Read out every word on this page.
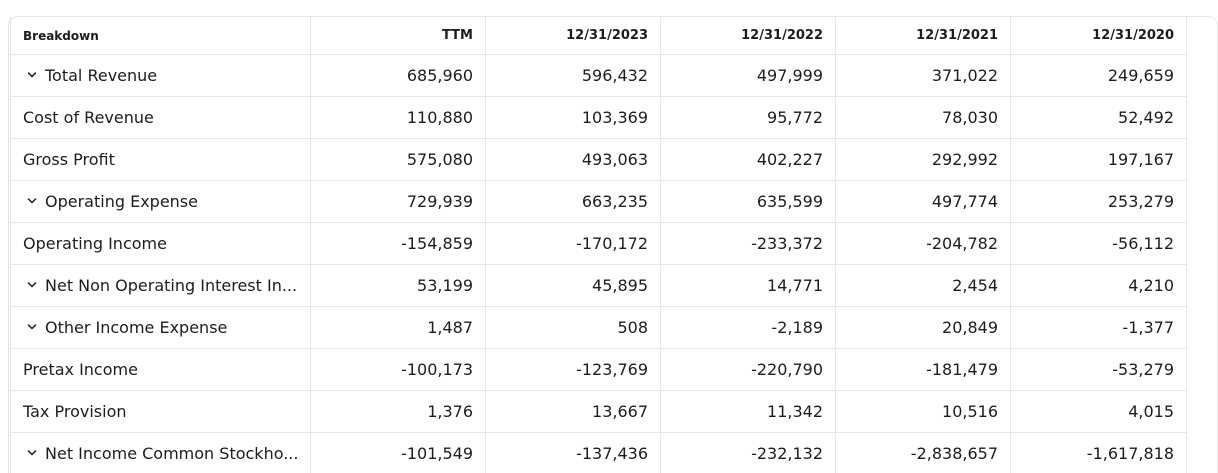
Breakdown	TTM	12/31/2023	12/31/2022	12/31/2021	12/31/2020
Total Revenue	685,960	596,432	497,999	371,022	249,659
Cost of Revenue	110,880	103,369	95,772	78,030	52,492
Gross Profit	575,080	493,063	402,227	292,992	197,167
Operating Expense	729,939	663,235	635,599	497,774	253,279
Operating Income	-154,859	-170,172	-233,372	-204,782	-56,112
Net Non Operating Interest In...	53,199	45,895	14,771	2,454	4,210
Other Income Expense	1,487	508	-2,189	20,849	-1,377
Pretax Income	-100,173	-123,769	-220,790	-181,479	-53,279
Tax Provision	1,376	13,667	11,342	10,516	4,015
Net Income Common Stockho...	-101,549	-137,436	-232,132	-2,838,657	-1,617,818
